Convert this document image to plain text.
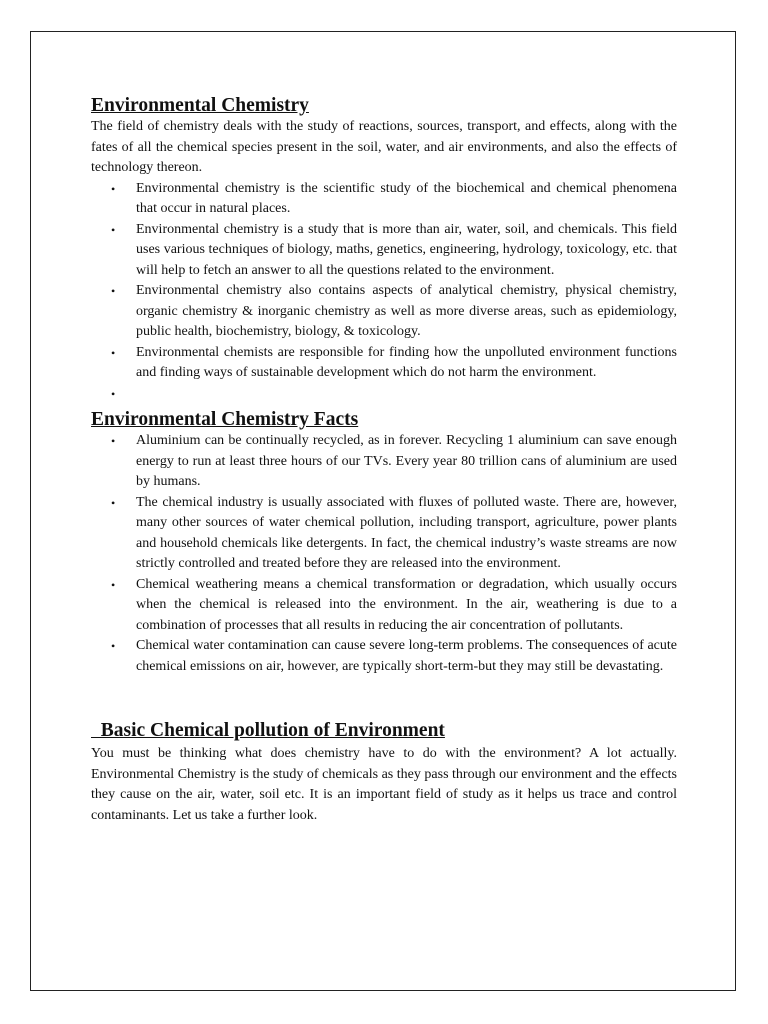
Environmental Chemistry

The field of chemistry deals with the study of reactions, sources, transport, and effects, along with the fates of all the chemical species present in the soil, water, and air environments, and also the effects of technology thereon.

• Environmental chemistry is the scientific study of the biochemical and chemical phenomena that occur in natural places.
• Environmental chemistry is a study that is more than air, water, soil, and chemicals. This field uses various techniques of biology, maths, genetics, engineering, hydrology, toxicology, etc. that will help to fetch an answer to all the questions related to the environment.
• Environmental chemistry also contains aspects of analytical chemistry, physical chemistry, organic chemistry & inorganic chemistry as well as more diverse areas, such as epidemiology, public health, biochemistry, biology, & toxicology.
• Environmental chemists are responsible for finding how the unpolluted environment functions and finding ways of sustainable development which do not harm the environment.
•
Environmental Chemistry Facts
• Aluminium can be continually recycled, as in forever. Recycling 1 aluminium can save enough energy to run at least three hours of our TVs. Every year 80 trillion cans of aluminium are used by humans.
• The chemical industry is usually associated with fluxes of polluted waste. There are, however, many other sources of water chemical pollution, including transport, agriculture, power plants and household chemicals like detergents. In fact, the chemical industry’s waste streams are now strictly controlled and treated before they are released into the environment.
• Chemical weathering means a chemical transformation or degradation, which usually occurs when the chemical is released into the environment. In the air, weathering is due to a combination of processes that all results in reducing the air concentration of pollutants.
• Chemical water contamination can cause severe long-term problems. The consequences of acute chemical emissions on air, however, are typically short-term-but they may still be devastating.
Basic Chemical pollution of Environment

You must be thinking what does chemistry have to do with the environment? A lot actually. Environmental Chemistry is the study of chemicals as they pass through our environment and the effects they cause on the air, water, soil etc. It is an important field of study as it helps us trace and control contaminants. Let us take a further look.
